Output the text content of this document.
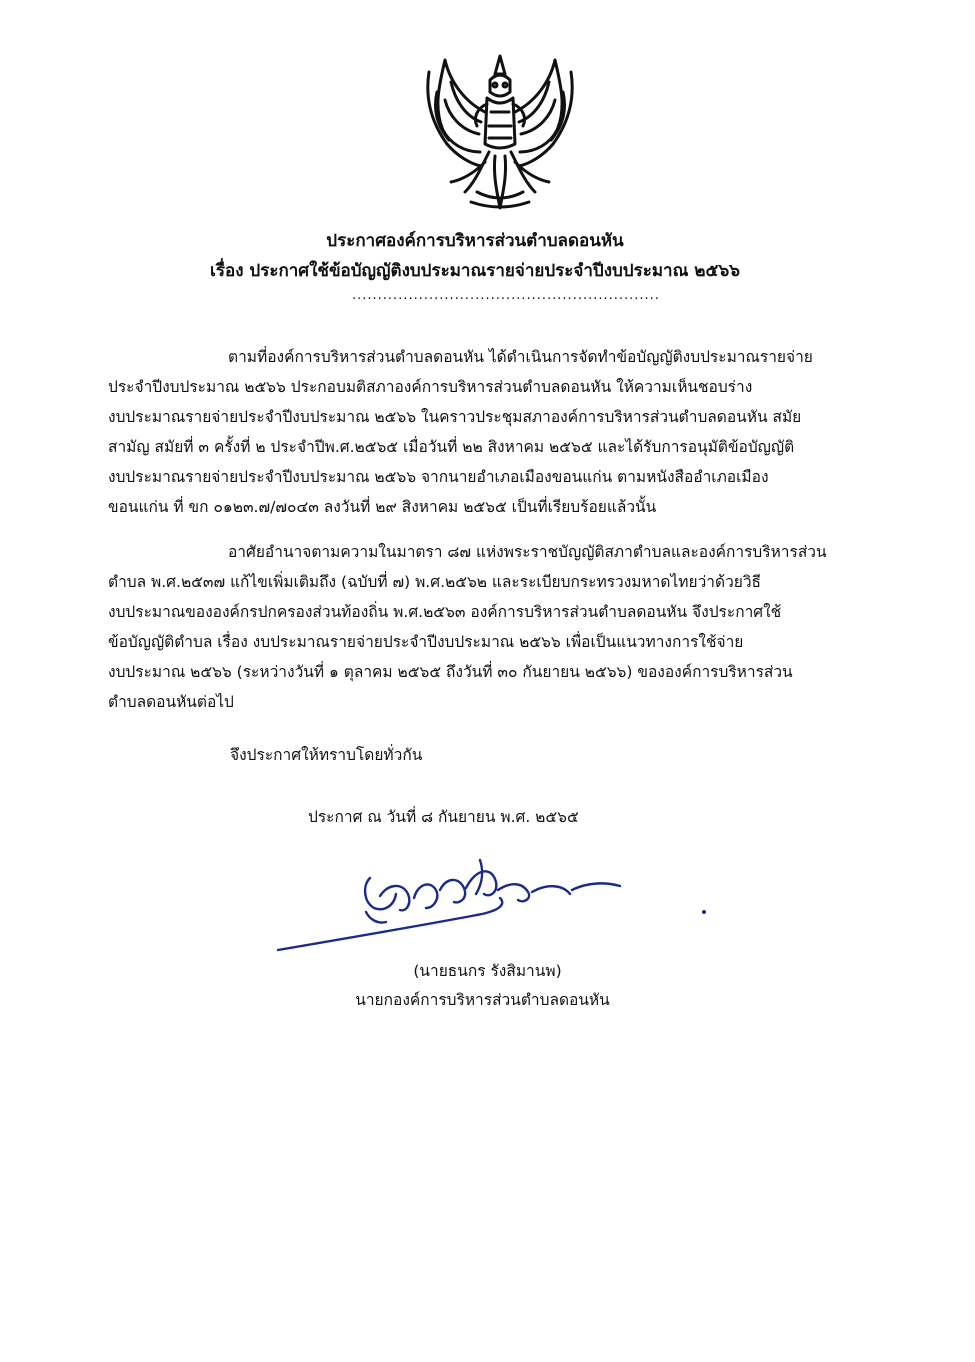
ประกาศองค์การบริหารส่วนตำบลดอนหัน
เรื่อง ประกาศใช้ข้อบัญญัติงบประมาณรายจ่ายประจำปีงบประมาณ ๒๕๖๖
............................................................
ตามที่องค์การบริหารส่วนตำบลดอนหัน ได้ดำเนินการจัดทำข้อบัญญัติงบประมาณรายจ่าย
ประจำปีงบประมาณ ๒๕๖๖ ประกอบมติสภาองค์การบริหารส่วนตำบลดอนหัน ให้ความเห็นชอบร่าง
งบประมาณรายจ่ายประจำปีงบประมาณ ๒๕๖๖ ในคราวประชุมสภาองค์การบริหารส่วนตำบลดอนหัน สมัย
สามัญ สมัยที่ ๓ ครั้งที่ ๒ ประจำปีพ.ศ.๒๕๖๕ เมื่อวันที่ ๒๒ สิงหาคม ๒๕๖๕ และได้รับการอนุมัติข้อบัญญัติ
งบประมาณรายจ่ายประจำปีงบประมาณ ๒๕๖๖ จากนายอำเภอเมืองขอนแก่น ตามหนังสืออำเภอเมือง
ขอนแก่น ที่ ขก ๐๑๒๓.๗/๗๐๔๓ ลงวันที่ ๒๙ สิงหาคม ๒๕๖๕ เป็นที่เรียบร้อยแล้วนั้น
อาศัยอำนาจตามความในมาตรา ๘๗ แห่งพระราชบัญญัติสภาตำบลและองค์การบริหารส่วน
ตำบล พ.ศ.๒๕๓๗ แก้ไขเพิ่มเติมถึง (ฉบับที่ ๗) พ.ศ.๒๕๖๒ และระเบียบกระทรวงมหาดไทยว่าด้วยวิธี
งบประมาณขององค์กรปกครองส่วนท้องถิ่น พ.ศ.๒๕๖๓ องค์การบริหารส่วนตำบลดอนหัน จึงประกาศใช้
ข้อบัญญัติตำบล เรื่อง งบประมาณรายจ่ายประจำปีงบประมาณ ๒๕๖๖ เพื่อเป็นแนวทางการใช้จ่าย
งบประมาณ ๒๕๖๖ (ระหว่างวันที่ ๑ ตุลาคม ๒๕๖๕ ถึงวันที่ ๓๐ กันยายน ๒๕๖๖) ขององค์การบริหารส่วน
ตำบลดอนหันต่อไป
จึงประกาศให้ทราบโดยทั่วกัน
ประกาศ ณ วันที่ ๘ กันยายน พ.ศ. ๒๕๖๕
(นายธนกร รังสิมานพ)
นายกองค์การบริหารส่วนตำบลดอนหัน
